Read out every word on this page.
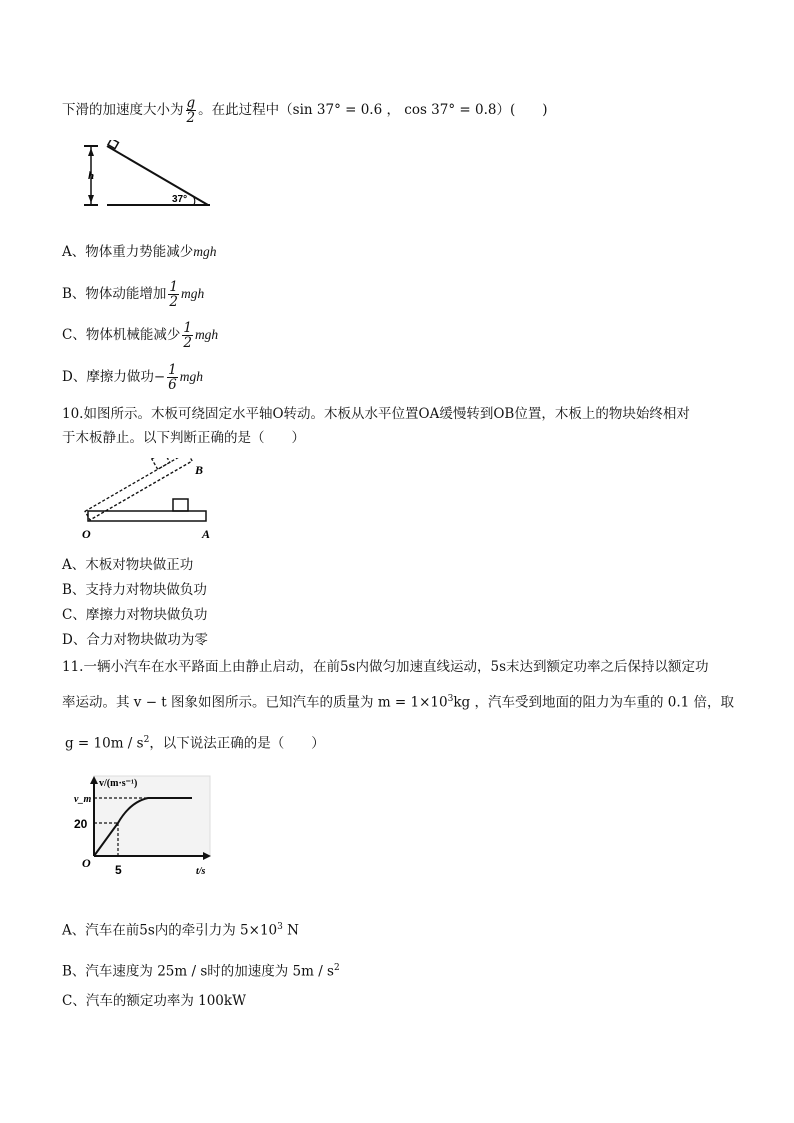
下滑的加速度大小为 $\frac{g}{2}$ 。在此过程中（sin 37° = 0.6 ， cos 37° = 0.8）(　　)
h
37°
A、物体重力势能减少mgh
B、物体动能增加 $\frac{1}{2}$ mgh
C、物体机械能减少 $\frac{1}{2}$ mgh
D、摩擦力做功− $\frac{1}{6}$ mgh
10.如图所示。木板可绕固定水平轴O转动。木板从水平位置OA缓慢转到OB位置，木板上的物块始终相对
于木板静止。以下判断正确的是（　　）
O	A
B
A、木板对物块做正功
B、支持力对物块做负功
C、摩擦力对物块做负功
D、合力对物块做功为零
11.一辆小汽车在水平路面上由静止启动，在前5s内做匀加速直线运动，5s末达到额定功率之后保持以额定功
率运动。其 v − t 图象如图所示。已知汽车的质量为 $m = 1\times 10^3kg$ ，汽车受到地面的阻力为车重的 0.1 倍，取
$g = 10m / s^2$，以下说法正确的是（　　）
v/(m·s⁻¹)
v_m
20
O 5	t/s
A、汽车在前5s内的牵引力为 $5\times 10^3$ N
B、汽车速度为 25m / s时的加速度为 $5m / s^2$
C、汽车的额定功率为 100kW
